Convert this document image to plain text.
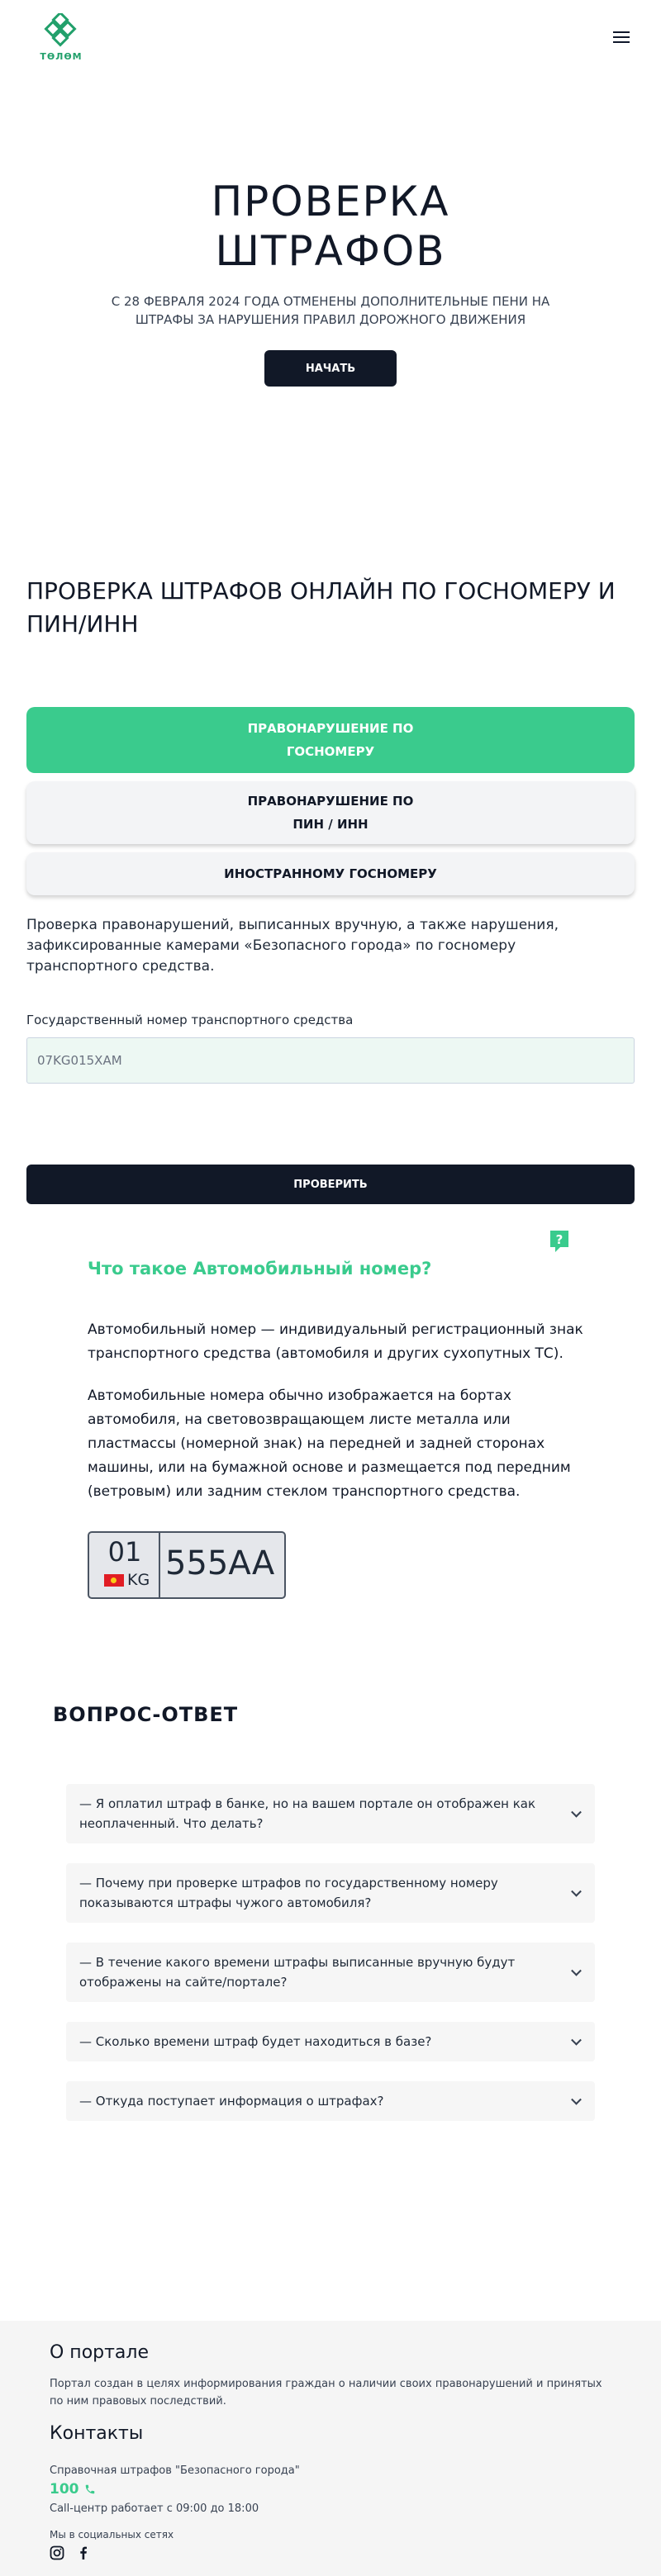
TӨЛӨМ
ПРОВЕРКА
ШТРАФОВ

С 28 ФЕВРАЛЯ 2024 ГОДА ОТМЕНЕНЫ ДОПОЛНИТЕЛЬНЫЕ ПЕНИ НА ШТРАФЫ ЗА НАРУШЕНИЯ ПРАВИЛ ДОРОЖНОГО ДВИЖЕНИЯ

НАЧАТЬ
ПРОВЕРКА ШТРАФОВ ОНЛАЙН ПО ГОСНОМЕРУ И ПИН/ИНН
ПРАВОНАРУШЕНИЕ ПО
ГОСНОМЕРУ
ПРАВОНАРУШЕНИЕ ПО
ПИН / ИНН
ИНОСТРАННОМУ ГОСНОМЕРУ

Проверка правонарушений, выписанных вручную, а также нарушения, зафиксированные камерами «Безопасного города» по госномеру транспортного средства.

Государственный номер транспортного средства
07KG015XAM
ПРОВЕРИТЬ
?
Что такое Автомобильный номер?

Автомобильный номер — индивидуальный регистрационный знак транспортного средства (автомобиля и других сухопутных ТС).

Автомобильные номера обычно изображается на бортах автомобиля, на световозвращающем листе металла или пластмассы (номерной знак) на передней и задней сторонах машины, или на бумажной основе и размещается под передним (ветровым) или задним стеклом транспортного средства.

01
KG 555AA
ВОПРОС-ОТВЕТ
— Я оплатил штраф в банке, но на вашем портале он отображен как неоплаченный. Что делать?
— Почему при проверке штрафов по государственному номеру показываются штрафы чужого автомобиля?
— В течение какого времени штрафы выписанные вручную будут отображены на сайте/портале?
— Сколько времени штраф будет находиться в базе?
— Откуда поступает информация о штрафах?
О портале

Портал создан в целях информирования граждан о наличии своих правонарушений и принятых по ним правовых последствий.

Контакты
Справочная штрафов "Безопасного города"
100
Call-центр работает с 09:00 до 18:00
Мы в социальных сетях
